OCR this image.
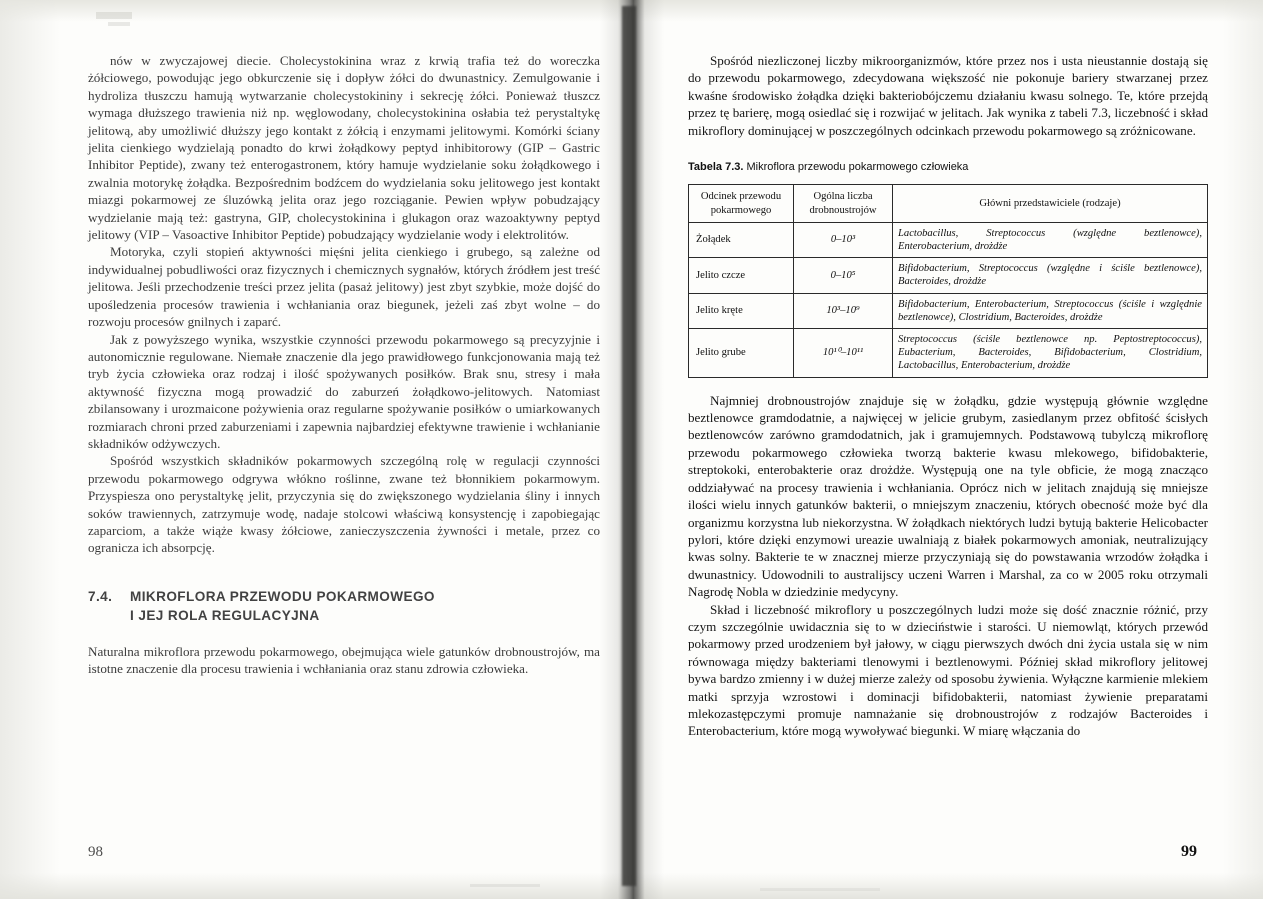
nów w zwyczajowej diecie. Cholecystokinina wraz z krwią trafia też do woreczka żółciowego, powodując jego obkurczenie się i dopływ żółci do dwunastnicy. Zemulgowanie i hydroliza tłuszczu hamują wytwarzanie cholecystokininy i sekrecję żółci. Ponieważ tłuszcz wymaga dłuższego trawienia niż np. węglowodany, cholecystokinina osłabia też perystaltykę jelitową, aby umożliwić dłuższy jego kontakt z żółcią i enzymami jelitowymi. Komórki ściany jelita cienkiego wydzielają ponadto do krwi żołądkowy peptyd inhibitorowy (GIP – Gastric Inhibitor Peptide), zwany też enterogastronem, który hamuje wydzielanie soku żołądkowego i zwalnia motorykę żołądka. Bezpośrednim bodźcem do wydzielania soku jelitowego jest kontakt miazgi pokarmowej ze śluzówką jelita oraz jego rozciąganie. Pewien wpływ pobudzający wydzielanie mają też: gastryna, GIP, cholecystokinina i glukagon oraz wazoaktywny peptyd jelitowy (VIP – Vasoactive Inhibitor Peptide) pobudzający wydzielanie wody i elektrolitów.

Motoryka, czyli stopień aktywności mięśni jelita cienkiego i grubego, są zależne od indywidualnej pobudliwości oraz fizycznych i chemicznych sygnałów, których źródłem jest treść jelitowa. Jeśli przechodzenie treści przez jelita (pasaż jelitowy) jest zbyt szybkie, może dojść do upośledzenia procesów trawienia i wchłaniania oraz biegunek, jeżeli zaś zbyt wolne – do rozwoju procesów gnilnych i zaparć.

Jak z powyższego wynika, wszystkie czynności przewodu pokarmowego są precyzyjnie i autonomicznie regulowane. Niemałe znaczenie dla jego prawidłowego funkcjonowania mają też tryb życia człowieka oraz rodzaj i ilość spożywanych posiłków. Brak snu, stresy i mała aktywność fizyczna mogą prowadzić do zaburzeń żołądkowo-jelitowych. Natomiast zbilansowany i urozmaicone pożywienia oraz regularne spożywanie posiłków o umiarkowanych rozmiarach chroni przed zaburzeniami i zapewnia najbardziej efektywne trawienie i wchłanianie składników odżywczych.

Spośród wszystkich składników pokarmowych szczególną rolę w regulacji czynności przewodu pokarmowego odgrywa włókno roślinne, zwane też błonnikiem pokarmowym. Przyspiesza ono perystaltykę jelit, przyczynia się do zwiększonego wydzielania śliny i innych soków trawiennych, zatrzymuje wodę, nadaje stolcowi właściwą konsystencję i zapobiegając zaparciom, a także wiąże kwasy żółciowe, zanieczyszczenia żywności i metale, przez co ogranicza ich absorpcję.

7.4. MIKROFLORA PRZEWODU POKARMOWEGO
I JEJ ROLA REGULACYJNA

Naturalna mikroflora przewodu pokarmowego, obejmująca wiele gatunków drobnoustrojów, ma istotne znaczenie dla procesu trawienia i wchłaniania oraz stanu zdrowia człowieka.

98

Spośród niezliczonej liczby mikroorganizmów, które przez nos i usta nieustannie dostają się do przewodu pokarmowego, zdecydowana większość nie pokonuje bariery stwarzanej przez kwaśne środowisko żołądka dzięki bakteriobójczemu działaniu kwasu solnego. Te, które przejdą przez tę barierę, mogą osiedlać się i rozwijać w jelitach. Jak wynika z tabeli 7.3, liczebność i skład mikroflory dominującej w poszczególnych odcinkach przewodu pokarmowego są zróżnicowane.

Tabela 7.3. Mikroflora przewodu pokarmowego człowieka
Odcinek przewodu pokarmowego	Ogólna liczba drobnoustrojów	Główni przedstawiciele (rodzaje)
Żołądek	0–10³	Lactobacillus, Streptococcus (względne beztlenowce), Enterobacterium, drożdże
Jelito czcze	0–10⁵	Bifidobacterium, Streptococcus (względne i ściśle beztlenowce), Bacteroides, drożdże
Jelito kręte	10³–10⁹	Bifidobacterium, Enterobacterium, Streptococcus (ściśle i względnie beztlenowce), Clostridium, Bacteroides, drożdże
Jelito grube	10¹⁰–10¹¹	Streptococcus (ściśle beztlenowce np. Peptostreptococcus), Eubacterium, Bacteroides, Bifidobacterium, Clostridium, Lactobacillus, Enterobacterium, drożdże

Najmniej drobnoustrojów znajduje się w żołądku, gdzie występują głównie względne beztlenowce gramdodatnie, a najwięcej w jelicie grubym, zasiedlanym przez obfitość ścisłych beztlenowców zarówno gramdodatnich, jak i gramujemnych. Podstawową tubylczą mikroflorę przewodu pokarmowego człowieka tworzą bakterie kwasu mlekowego, bifidobakterie, streptokoki, enterobakterie oraz drożdże. Występują one na tyle obficie, że mogą znacząco oddziaływać na procesy trawienia i wchłaniania. Oprócz nich w jelitach znajdują się mniejsze ilości wielu innych gatunków bakterii, o mniejszym znaczeniu, których obecność może być dla organizmu korzystna lub niekorzystna. W żołądkach niektórych ludzi bytują bakterie Helicobacter pylori, które dzięki enzymowi ureazie uwalniają z białek pokarmowych amoniak, neutralizujący kwas solny. Bakterie te w znacznej mierze przyczyniają się do powstawania wrzodów żołądka i dwunastnicy. Udowodnili to australijscy uczeni Warren i Marshal, za co w 2005 roku otrzymali Nagrodę Nobla w dziedzinie medycyny.

Skład i liczebność mikroflory u poszczególnych ludzi może się dość znacznie różnić, przy czym szczególnie uwidacznia się to w dzieciństwie i starości. U niemowląt, których przewód pokarmowy przed urodzeniem był jałowy, w ciągu pierwszych dwóch dni życia ustala się w nim równowaga między bakteriami tlenowymi i beztlenowymi. Później skład mikroflory jelitowej bywa bardzo zmienny i w dużej mierze zależy od sposobu żywienia. Wyłączne karmienie mlekiem matki sprzyja wzrostowi i dominacji bifidobakterii, natomiast żywienie preparatami mlekozastępczymi promuje namnażanie się drobnoustrojów z rodzajów Bacteroides i Enterobacterium, które mogą wywoływać biegunki. W miarę włączania do

99
